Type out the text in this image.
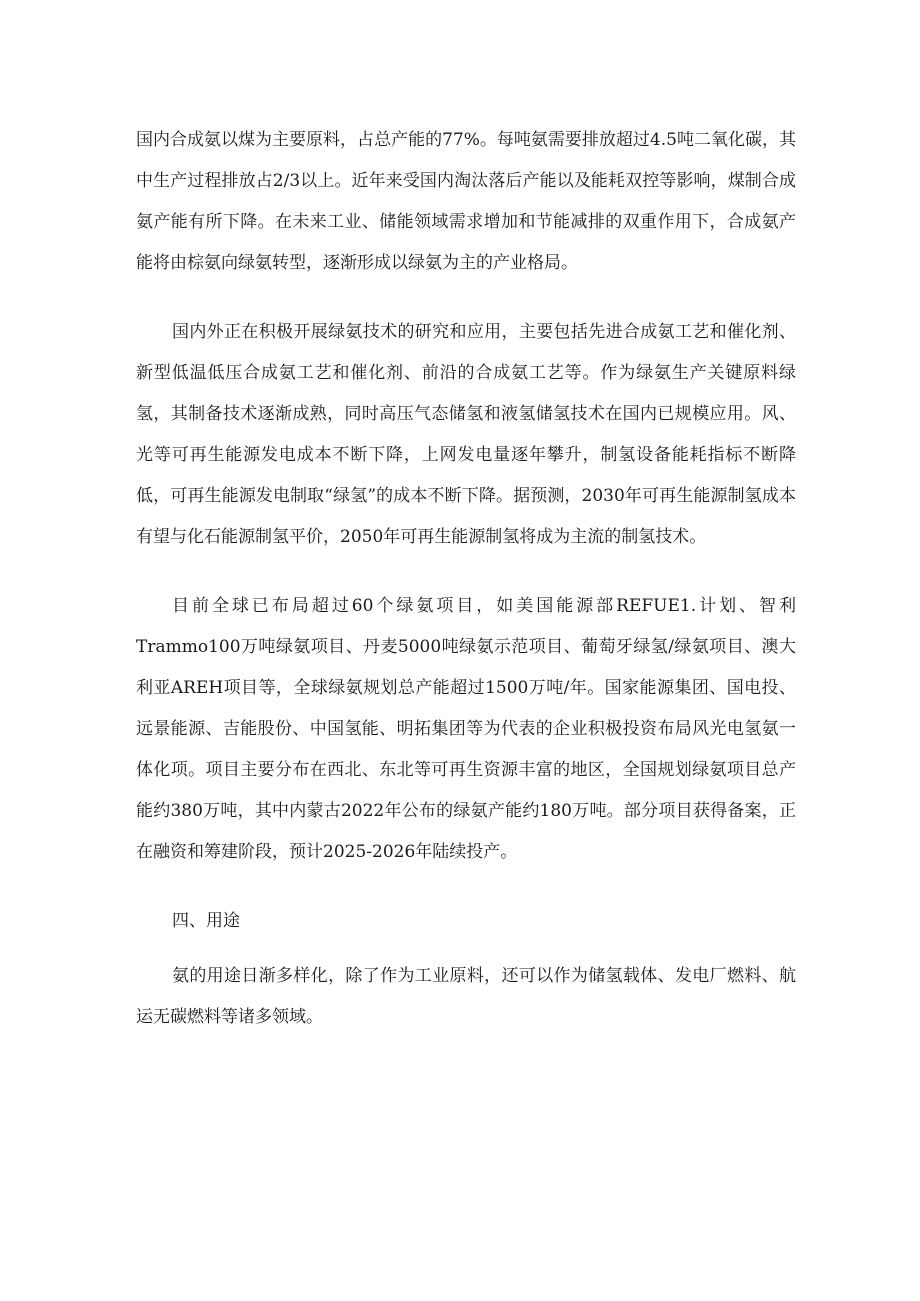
国内合成氨以煤为主要原料，占总产能的77%。每吨氨需要排放超过4.5吨二氧化碳，其中生产过程排放占2/3以上。近年来受国内淘汰落后产能以及能耗双控等影响，煤制合成氨产能有所下降。在未来工业、储能领域需求增加和节能减排的双重作用下，合成氨产能将由棕氨向绿氨转型，逐渐形成以绿氨为主的产业格局。

国内外正在积极开展绿氨技术的研究和应用，主要包括先进合成氨工艺和催化剂、新型低温低压合成氨工艺和催化剂、前沿的合成氨工艺等。作为绿氨生产关键原料绿氢，其制备技术逐渐成熟，同时高压气态储氢和液氢储氢技术在国内已规模应用。风、光等可再生能源发电成本不断下降，上网发电量逐年攀升，制氢设备能耗指标不断降低，可再生能源发电制取“绿氢”的成本不断下降。据预测，2030年可再生能源制氢成本有望与化石能源制氢平价，2050年可再生能源制氢将成为主流的制氢技术。

目前全球已布局超过60个绿氨项目，如美国能源部REFUE1.计划、智利Trammo100万吨绿氨项目、丹麦5000吨绿氨示范项目、葡萄牙绿氢/绿氨项目、澳大利亚AREH项目等，全球绿氨规划总产能超过1500万吨/年。国家能源集团、国电投、远景能源、吉能股份、中国氢能、明拓集团等为代表的企业积极投资布局风光电氢氨一体化项。项目主要分布在西北、东北等可再生资源丰富的地区，全国规划绿氨项目总产能约380万吨，其中内蒙古2022年公布的绿氨产能约180万吨。部分项目获得备案，正在融资和筹建阶段，预计2025-2026年陆续投产。

四、用途

氨的用途日渐多样化，除了作为工业原料，还可以作为储氢载体、发电厂燃料、航运无碳燃料等诸多领域。
